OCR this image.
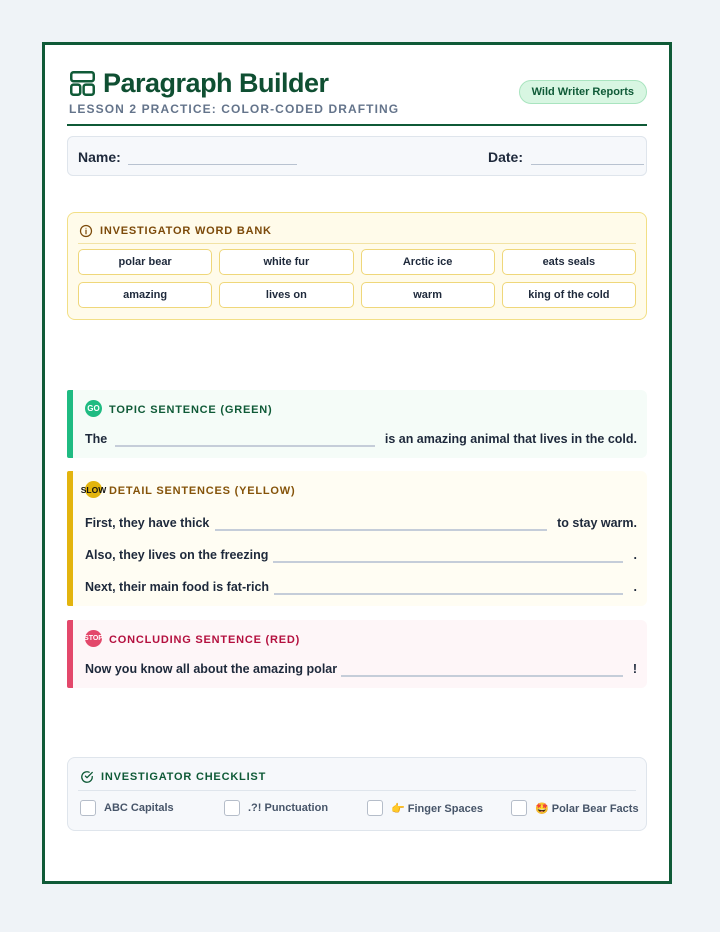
Paragraph Builder
LESSON 2 PRACTICE: COLOR-CODED DRAFTING
Wild Writer Reports
Name:	Date:
INVESTIGATOR WORD BANK
polar bear	white fur	Arctic ice	eats seals
amazing	lives on	warm	king of the cold
GO TOPIC SENTENCE (GREEN)
The	is an amazing animal that lives in the cold.
SLOW DETAIL SENTENCES (YELLOW)
First, they have thick	to stay warm.
Also, they lives on the freezing	.
Next, their main food is fat-rich	.
STOP CONCLUDING SENTENCE (RED)
Now you know all about the amazing polar	!
INVESTIGATOR CHECKLIST
ABC Capitals	.?! Punctuation	👉 Finger Spaces	🤩 Polar Bear Facts
